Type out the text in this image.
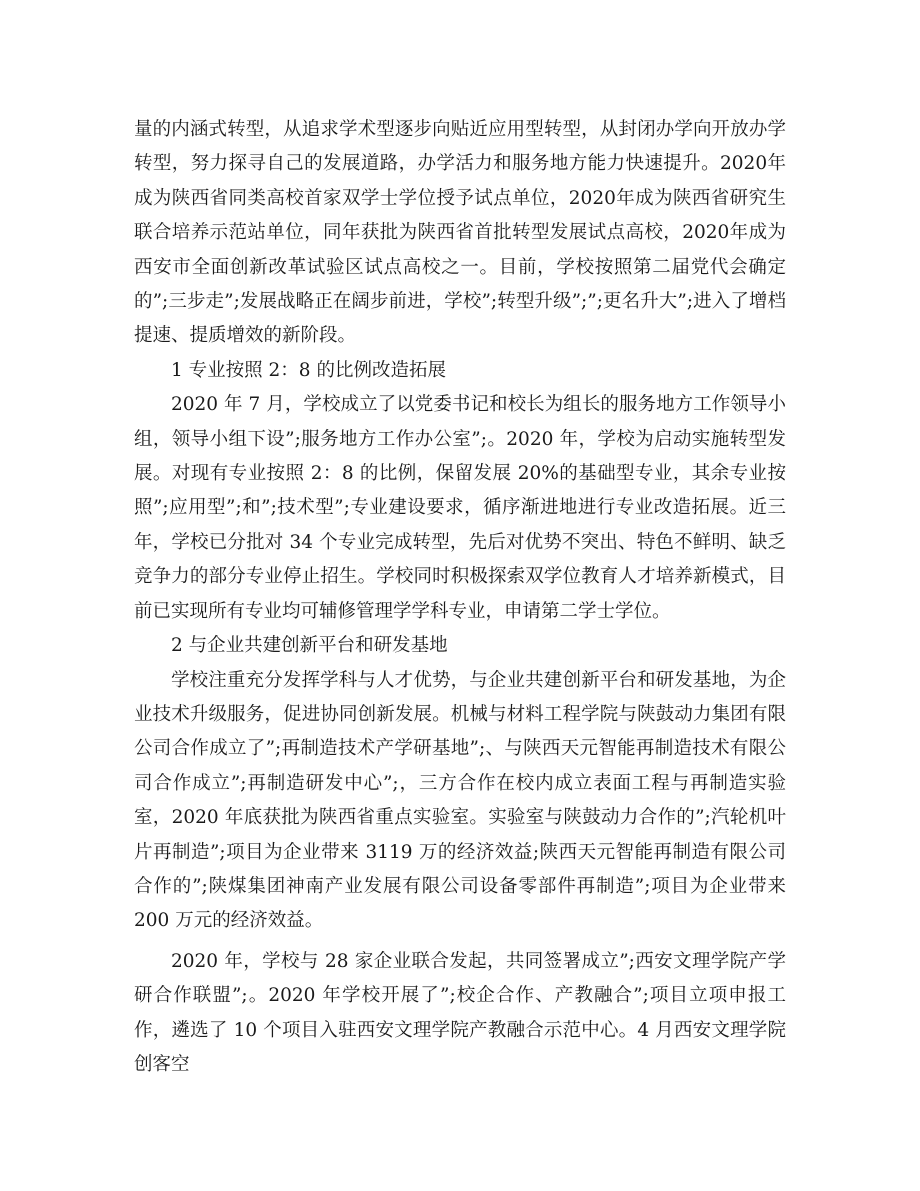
量的内涵式转型，从追求学术型逐步向贴近应用型转型，从封闭办学向开放办学转型，努力探寻自己的发展道路，办学活力和服务地方能力快速提升。2020年成为陕西省同类高校首家双学士学位授予试点单位，2020年成为陕西省研究生联合培养示范站单位，同年获批为陕西省首批转型发展试点高校，2020年成为西安市全面创新改革试验区试点高校之一。目前，学校按照第二届党代会确定的”;三步走”;发展战略正在阔步前进，学校”;转型升级”;”;更名升大”;进入了增档提速、提质增效的新阶段。

1 专业按照 2：8 的比例改造拓展

2020 年 7 月，学校成立了以党委书记和校长为组长的服务地方工作领导小组，领导小组下设”;服务地方工作办公室”;。2020 年，学校为启动实施转型发展。对现有专业按照 2：8 的比例，保留发展 20%的基础型专业，其余专业按照”;应用型”;和”;技术型”;专业建设要求，循序渐进地进行专业改造拓展。近三年，学校已分批对 34 个专业完成转型，先后对优势不突出、特色不鲜明、缺乏竞争力的部分专业停止招生。学校同时积极探索双学位教育人才培养新模式，目前已实现所有专业均可辅修管理学学科专业，申请第二学士学位。

2 与企业共建创新平台和研发基地

学校注重充分发挥学科与人才优势，与企业共建创新平台和研发基地，为企业技术升级服务，促进协同创新发展。机械与材料工程学院与陕鼓动力集团有限公司合作成立了”;再制造技术产学研基地”;、与陕西天元智能再制造技术有限公司合作成立”;再制造研发中心”;，三方合作在校内成立表面工程与再制造实验室，2020 年底获批为陕西省重点实验室。实验室与陕鼓动力合作的”;汽轮机叶片再制造”;项目为企业带来 3119 万的经济效益;陕西天元智能再制造有限公司合作的”;陕煤集团神南产业发展有限公司设备零部件再制造”;项目为企业带来 200 万元的经济效益。

2020 年，学校与 28 家企业联合发起，共同签署成立”;西安文理学院产学研合作联盟”;。2020 年学校开展了”;校企合作、产教融合”;项目立项申报工作，遴选了 10 个项目入驻西安文理学院产教融合示范中心。4 月西安文理学院创客空
